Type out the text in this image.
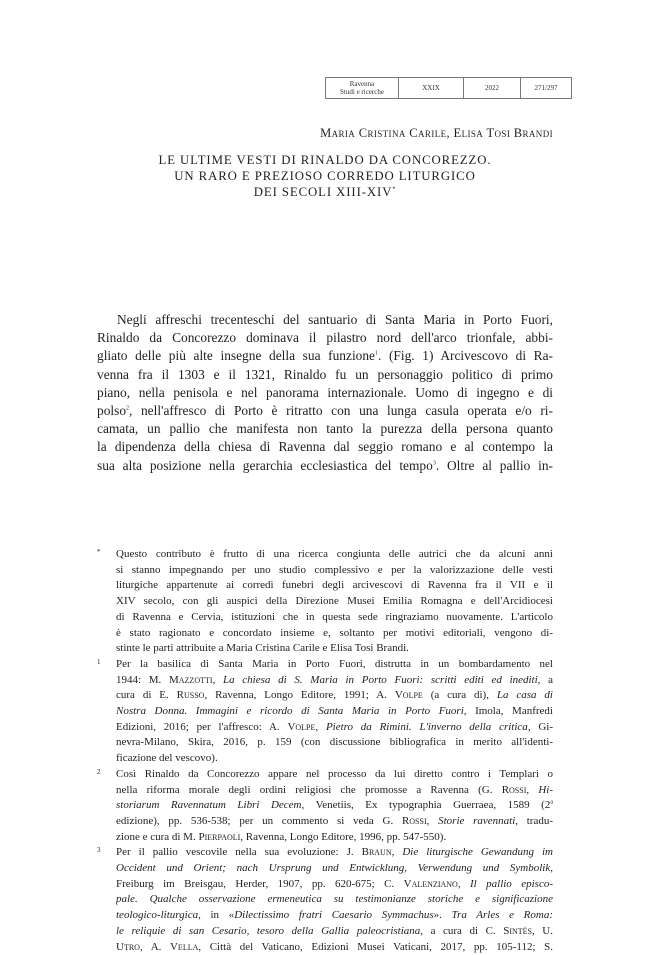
Ravenna
Studi e ricerche	XXIX	2022	271/297
Maria Cristina Carile, Elisa Tosi Brandi
LE ULTIME VESTI DI RINALDO DA CONCOREZZO.
UN RARO E PREZIOSO CORREDO LITURGICO
DEI SECOLI XIII-XIV*
Negli affreschi trecenteschi del santuario di Santa Maria in Porto Fuori,
Rinaldo da Concorezzo dominava il pilastro nord dell'arco trionfale, abbi-
gliato delle più alte insegne della sua funzione$^1$. (Fig. 1) Arcivescovo di Ra-
venna fra il 1303 e il 1321, Rinaldo fu un personaggio politico di primo
piano, nella penisola e nel panorama internazionale. Uomo di ingegno e di
polso$^2$, nell'affresco di Porto è ritratto con una lunga casula operata e/o ri-
camata, un pallio che manifesta non tanto la purezza della persona quanto
la dipendenza della chiesa di Ravenna dal seggio romano e al contempo la
sua alta posizione nella gerarchia ecclesiastica del tempo$^3$. Oltre al pallio in-
* Questo contributo è frutto di una ricerca congiunta delle autrici che da alcuni anni
si stanno impegnando per uno studio complessivo e per la valorizzazione delle vesti
liturgiche appartenute ai corredi funebri degli arcivescovi di Ravenna fra il VII e il
XIV secolo, con gli auspici della Direzione Musei Emilia Romagna e dell'Arcidiocesi
di Ravenna e Cervia, istituzioni che in questa sede ringraziamo nuovamente. L'articolo
è stato ragionato e concordato insieme e, soltanto per motivi editoriali, vengono di-
stinte le parti attribuite a Maria Cristina Carile e Elisa Tosi Brandi.
1 Per la basilica di Santa Maria in Porto Fuori, distrutta in un bombardamento nel
1944: M. Mazzotti, La chiesa di S. Maria in Porto Fuori: scritti editi ed inediti, a
cura di E. Russo, Ravenna, Longo Editore, 1991; A. Volpe (a cura di), La casa di
Nostra Donna. Immagini e ricordo di Santa Maria in Porto Fuori, Imola, Manfredi
Edizioni, 2016; per l'affresco: A. Volpe, Pietro da Rimini. L'inverno della critica, Gi-
nevra-Milano, Skira, 2016, p. 159 (con discussione bibliografica in merito all'identi-
ficazione del vescovo).
2 Così Rinaldo da Concorezzo appare nel processo da lui diretto contro i Templari o
nella riforma morale degli ordini religiosi che promosse a Ravenna (G. Rossi, Hi-
storiarum Ravennatum Libri Decem, Venetiis, Ex typographia Guerraea, 1589 (2$^a$
edizione), pp. 536-538; per un commento si veda G. Rossi, Storie ravennati, tradu-
zione e cura di M. Pierpaoli, Ravenna, Longo Editore, 1996, pp. 547-550).
3 Per il pallio vescovile nella sua evoluzione: J. Braun, Die liturgische Gewandung im
Occident und Orient; nach Ursprung und Entwicklung, Verwendung und Symbolik,
Freiburg im Breisgau, Herder, 1907, pp. 620-675; C. Valenziano, Il pallio episco-
pale. Qualche osservazione ermeneutica su testimonianze storiche e significazione
teologico-liturgica, in «Dilectissimo fratri Caesario Symmachus». Tra Arles e Roma:
le reliquie di san Cesario, tesoro della Gallia paleocristiana, a cura di C. Sintès, U.
Utro, A. Vella, Città del Vaticano, Edizioni Musei Vaticani, 2017, pp. 105-112; S.
